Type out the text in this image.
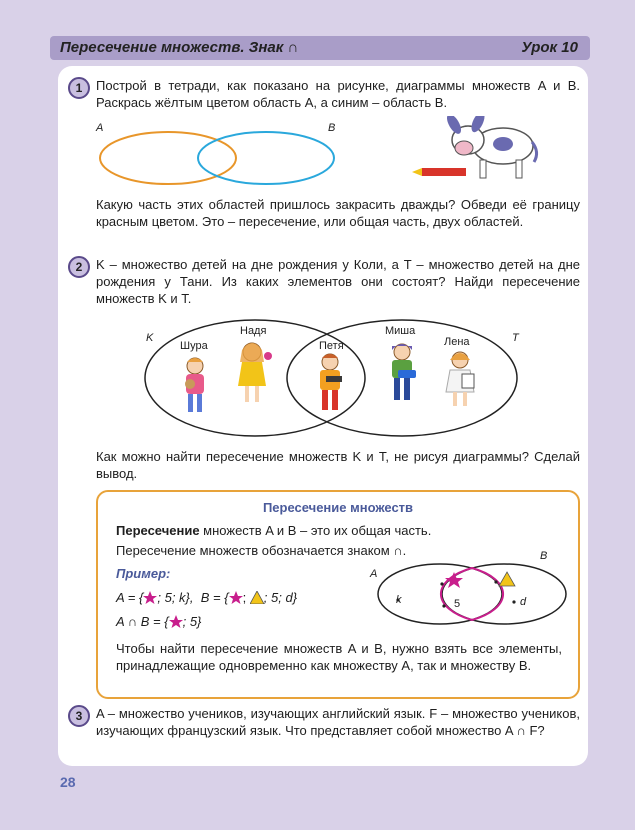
Пересечение множеств. Знак ∩	Урок 10
1	Построй в тетради, как показано на рисунке, диаграммы множеств A и B. Раскрась жёлтым цветом область A, а синим – область B.
A	B
Какую часть этих областей пришлось закрасить дважды? Обведи её границу красным цветом. Это – пересечение, или общая часть, двух областей.
2	K – множество детей на дне рождения у Коли, а T – множество детей на дне рождения у Тани. Из каких элементов они состоят? Найди пересечение множеств K и T.
K	T
Шура
Надя
Петя
Миша
Лена
Как можно найти пересечение множеств K и T, не рисуя диаграммы? Сделай вывод.
Пересечение множеств
Пересечение множеств A и B – это их общая часть.
Пересечение множеств обозначается знаком ∩.
Пример:
A = { ; 5; k}, B = { ; ; 5; d}
A ∩ B = { ; 5}
A
B
k	5	d
Чтобы найти пересечение множеств A и B, нужно взять все элементы, принадлежащие одновременно как множеству A, так и множеству B.
3	A – множество учеников, изучающих английский язык. F – множество учеников, изучающих французский язык. Что представляет собой множество A ∩ F?
28
